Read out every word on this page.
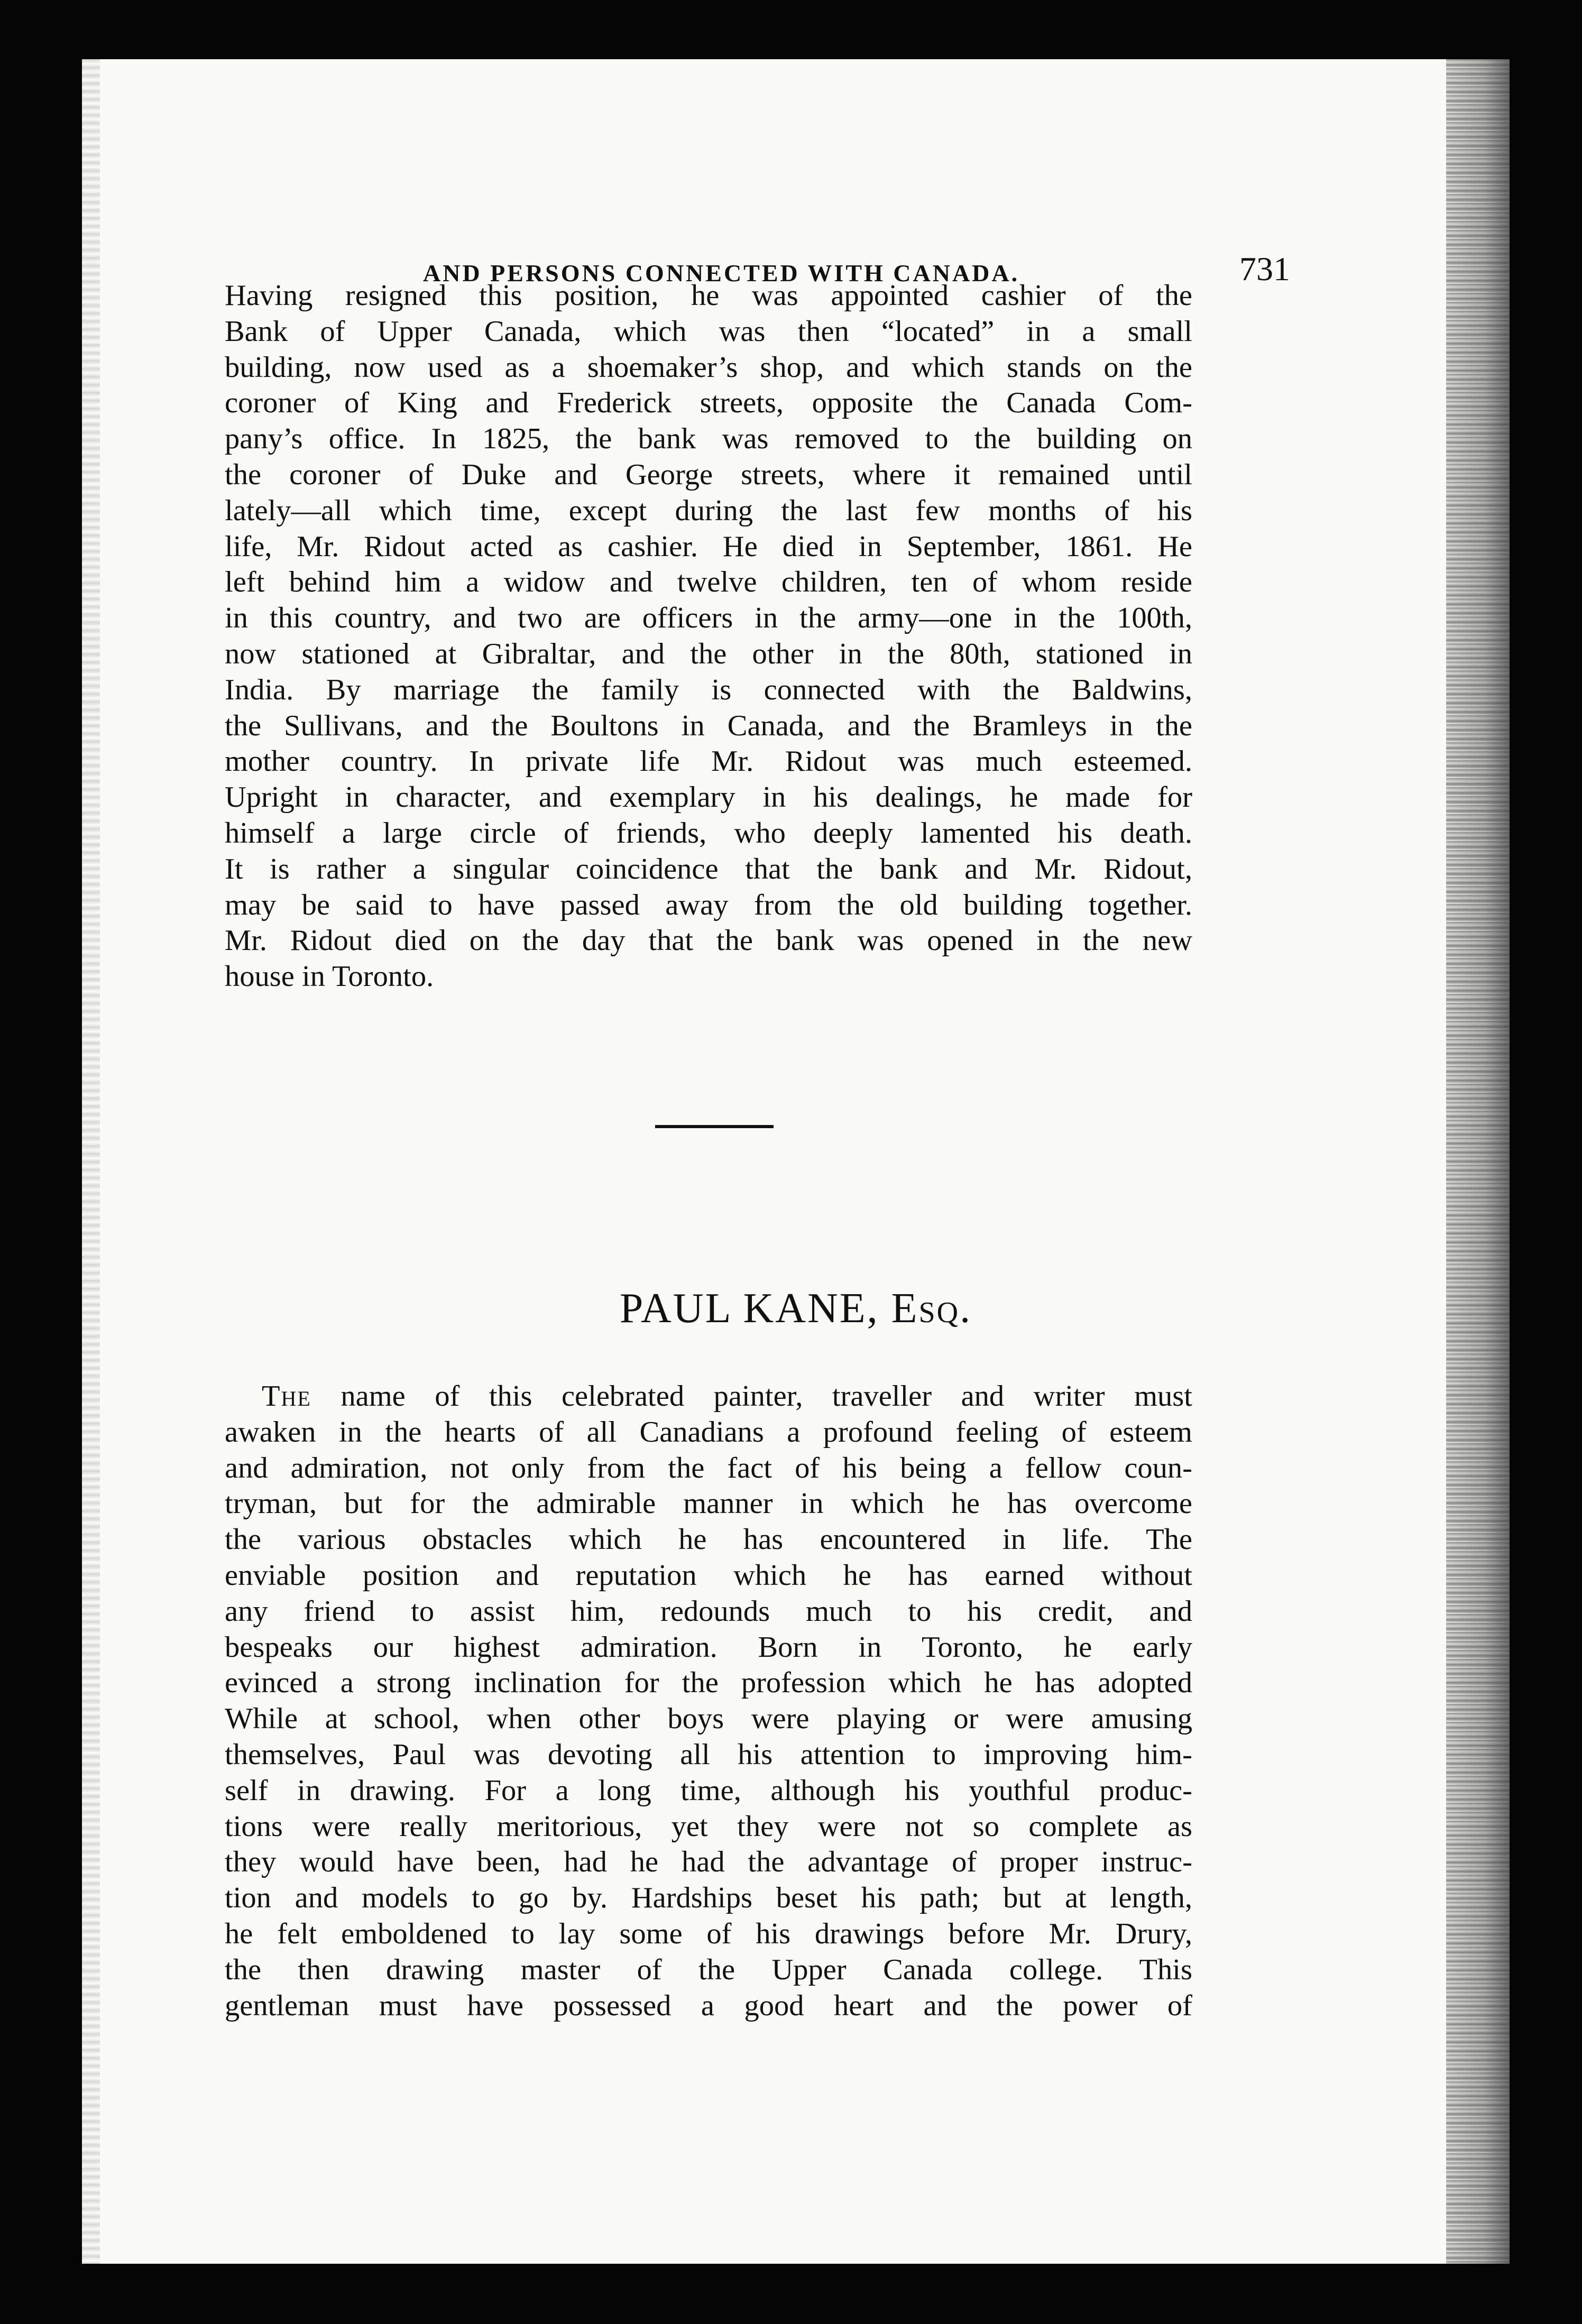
AND PERSONS CONNECTED WITH CANADA.	731
Having resigned this position, he was appointed cashier of the
Bank of Upper Canada, which was then “located” in a small
building, now used as a shoemaker’s shop, and which stands on the
coroner of King and Frederick streets, opposite the Canada Com-
pany’s office. In 1825, the bank was removed to the building on
the coroner of Duke and George streets, where it remained until
lately—all which time, except during the last few months of his
life, Mr. Ridout acted as cashier. He died in September, 1861. He
left behind him a widow and twelve children, ten of whom reside
in this country, and two are officers in the army—one in the 100th,
now stationed at Gibraltar, and the other in the 80th, stationed in
India. By marriage the family is connected with the Baldwins,
the Sullivans, and the Boultons in Canada, and the Bramleys in the
mother country. In private life Mr. Ridout was much esteemed.
Upright in character, and exemplary in his dealings, he made for
himself a large circle of friends, who deeply lamented his death.
It is rather a singular coincidence that the bank and Mr. Ridout,
may be said to have passed away from the old building together.
Mr. Ridout died on the day that the bank was opened in the new
house in Toronto.
PAUL KANE, Esq.
The name of this celebrated painter, traveller and writer must
awaken in the hearts of all Canadians a profound feeling of esteem
and admiration, not only from the fact of his being a fellow coun-
tryman, but for the admirable manner in which he has overcome
the various obstacles which he has encountered in life. The
enviable position and reputation which he has earned without
any friend to assist him, redounds much to his credit, and
bespeaks our highest admiration. Born in Toronto, he early
evinced a strong inclination for the profession which he has adopted
While at school, when other boys were playing or were amusing
themselves, Paul was devoting all his attention to improving him-
self in drawing. For a long time, although his youthful produc-
tions were really meritorious, yet they were not so complete as
they would have been, had he had the advantage of proper instruc-
tion and models to go by. Hardships beset his path; but at length,
he felt emboldened to lay some of his drawings before Mr. Drury,
the then drawing master of the Upper Canada college. This
gentleman must have possessed a good heart and the power of
